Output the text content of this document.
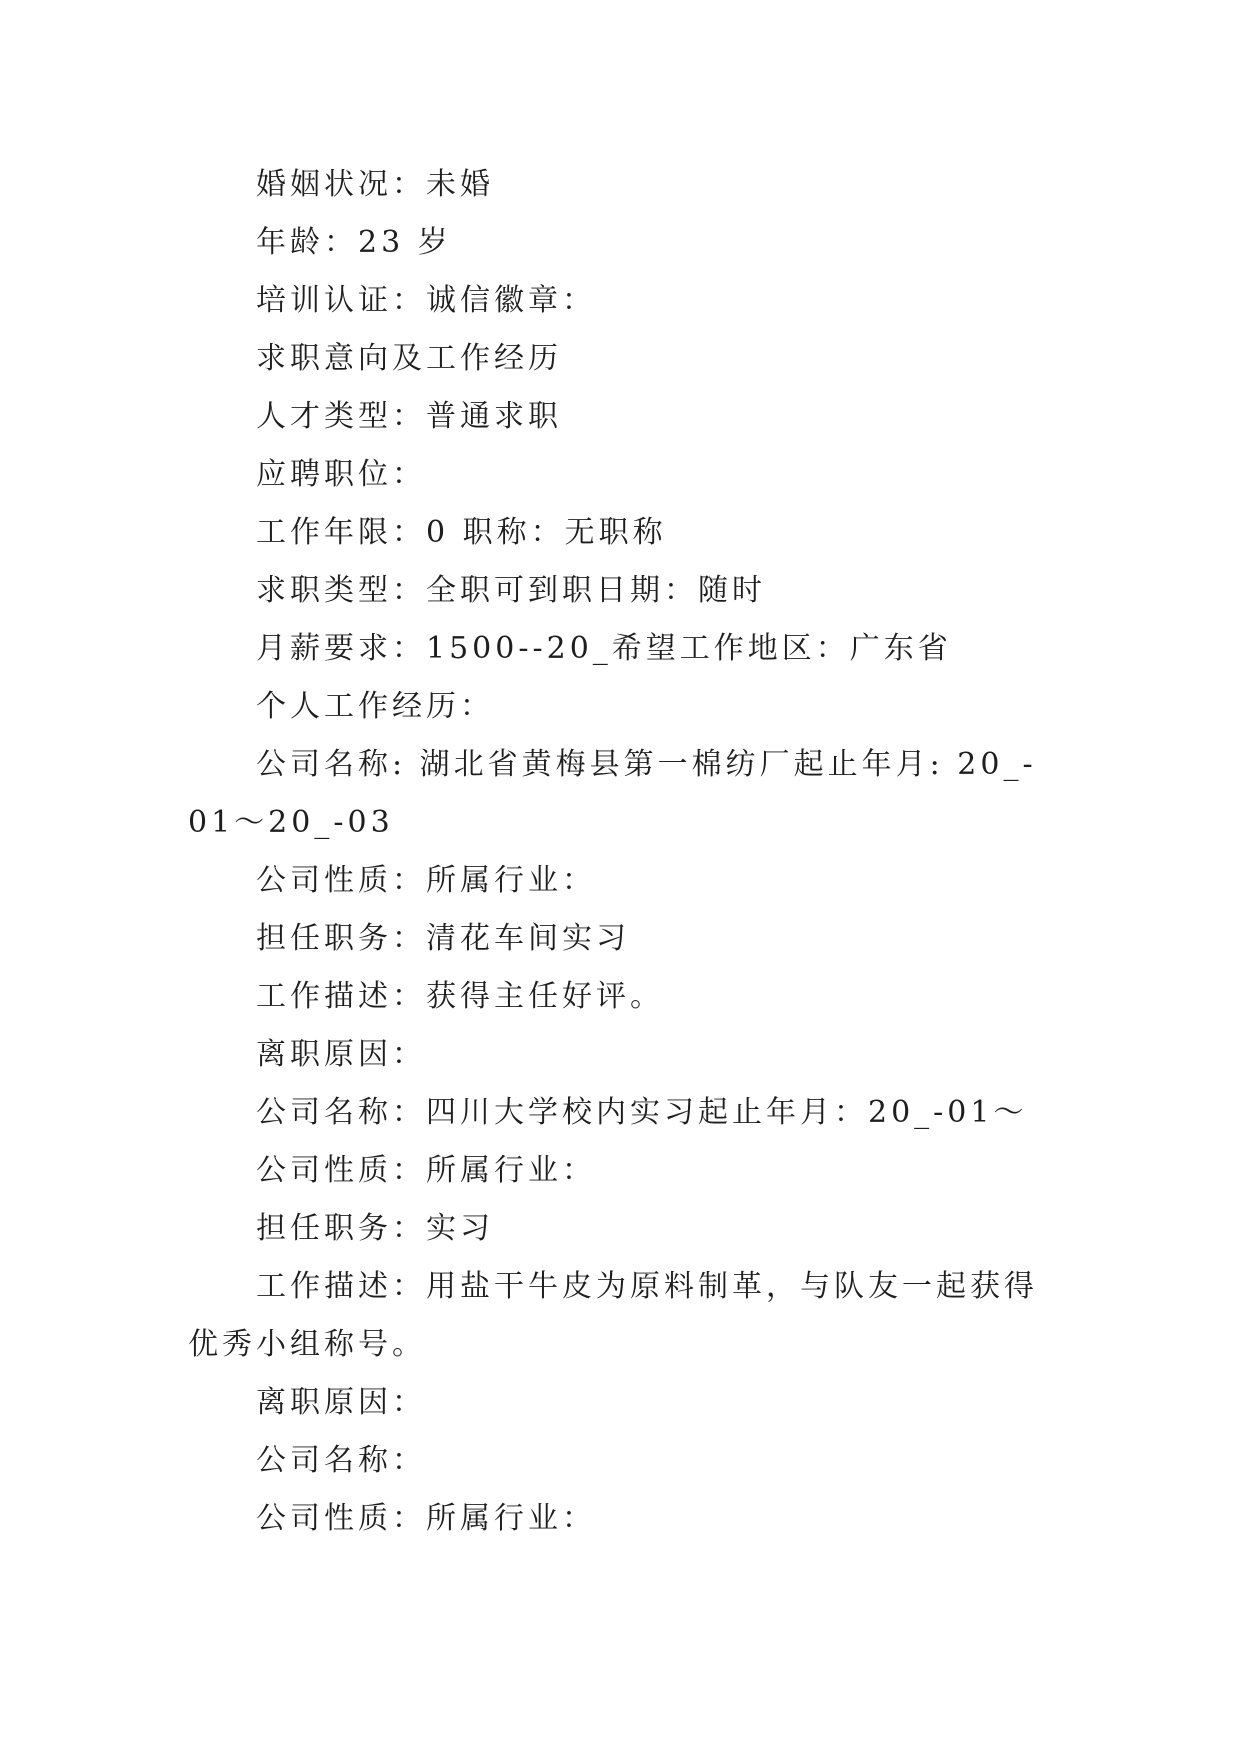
婚姻状况：未婚

年龄：23 岁

培训认证：诚信徽章：

求职意向及工作经历

人才类型：普通求职

应聘职位：

工作年限：0 职称：无职称

求职类型：全职可到职日期：随时

月薪要求：1500--20_希望工作地区：广东省

个人工作经历：

公司名称: 湖北省黄梅县第一棉纺厂起止年月: 20_-01～20_-03

公司性质：所属行业：

担任职务：清花车间实习

工作描述：获得主任好评。

离职原因：

公司名称：四川大学校内实习起止年月：20_-01～

公司性质：所属行业：

担任职务：实习

工作描述：用盐干牛皮为原料制革，与队友一起获得优秀小组称号。

离职原因：

公司名称：

公司性质：所属行业：
